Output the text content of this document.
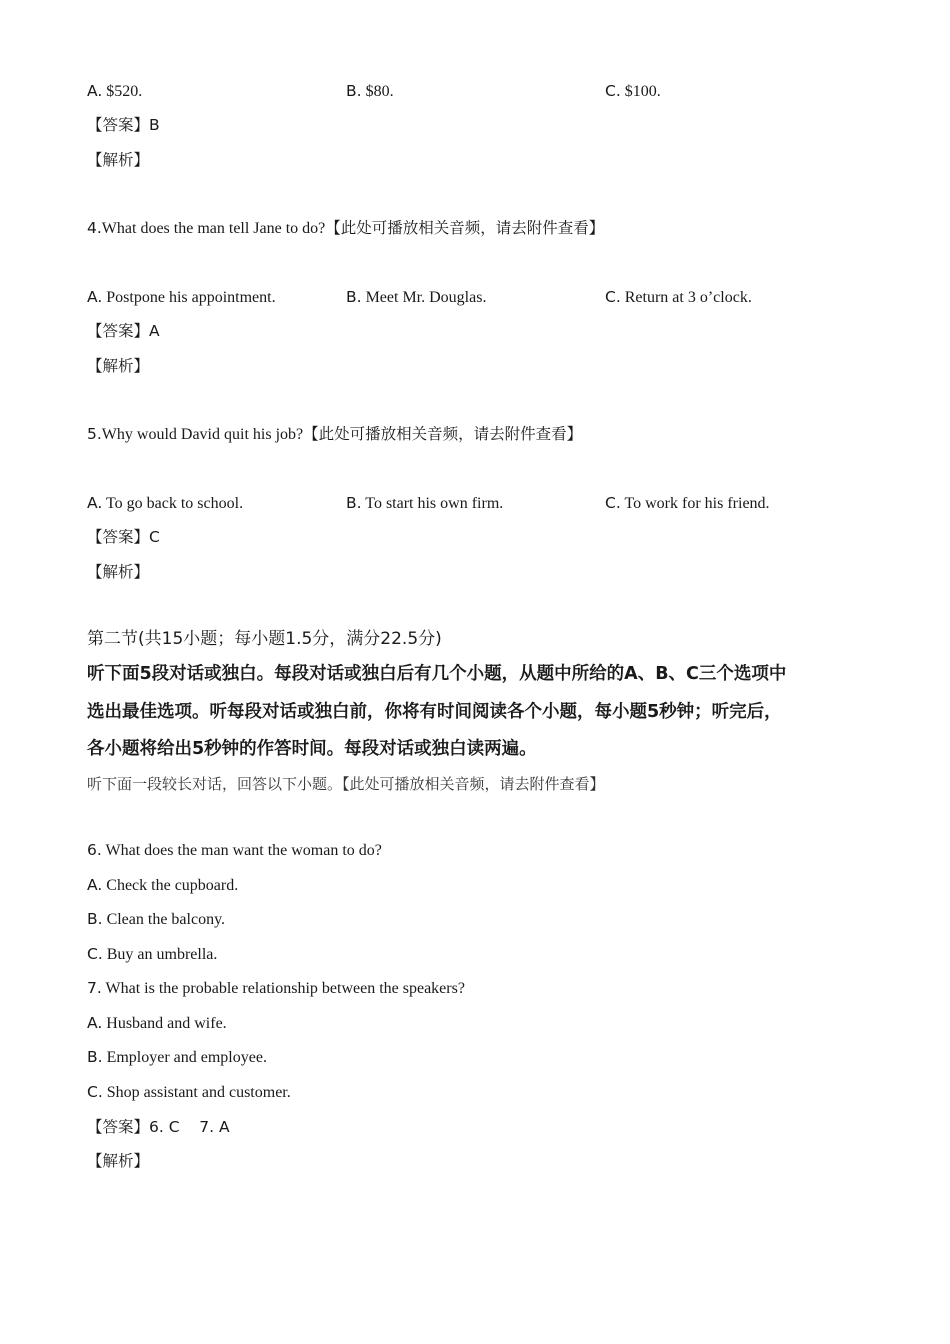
A. $520.	B. $80.	C. $100.
【答案】B
【解析】
4.What does the man tell Jane to do?【此处可播放相关音频，请去附件查看】
A. Postpone his appointment.	B. Meet Mr. Douglas.	C. Return at 3 o’clock.
【答案】A
【解析】
5.Why would David quit his job?【此处可播放相关音频，请去附件查看】
A. To go back to school.	B. To start his own firm.	C. To work for his friend.
【答案】C
【解析】
第二节(共15小题；每小题1.5分，满分22.5分)
听下面5段对话或独白。每段对话或独白后有几个小题，从题中所给的A、B、C三个选项中
选出最佳选项。听每段对话或独白前，你将有时间阅读各个小题，每小题5秒钟；听完后，
各小题将给出5秒钟的作答时间。每段对话或独白读两遍。
听下面一段较长对话，回答以下小题。【此处可播放相关音频，请去附件查看】
6. What does the man want the woman to do?
A. Check the cupboard.
B. Clean the balcony.
C. Buy an umbrella.
7. What is the probable relationship between the speakers?
A. Husband and wife.
B. Employer and employee.
C. Shop assistant and customer.
【答案】6. C    7. A
【解析】
